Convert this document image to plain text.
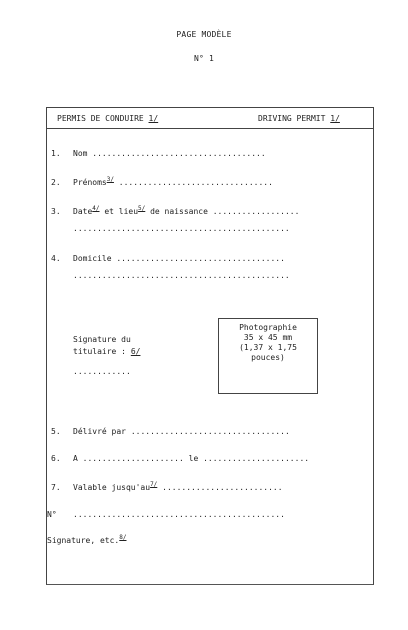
PAGE MODÈLE
N° 1
PERMIS DE CONDUIRE 1/	DRIVING PERMIT 1/
1. Nom ....................................
2. Prénoms$^{3/}$ ................................
3. Date$^{4/}$ et lieu$^{5/}$ de naissance ..................
.............................................
4. Domicile ...................................
.............................................
Signature du
titulaire : 6/
............
Photographie
35 x 45 mm
(1,37 x 1,75
pouces)
5. Délivré par .................................
6. A ..................... le ......................
7. Valable $jusqu'au^{7/}$ .........................
N° ............................................
Signature, etc.$^{8/}$
